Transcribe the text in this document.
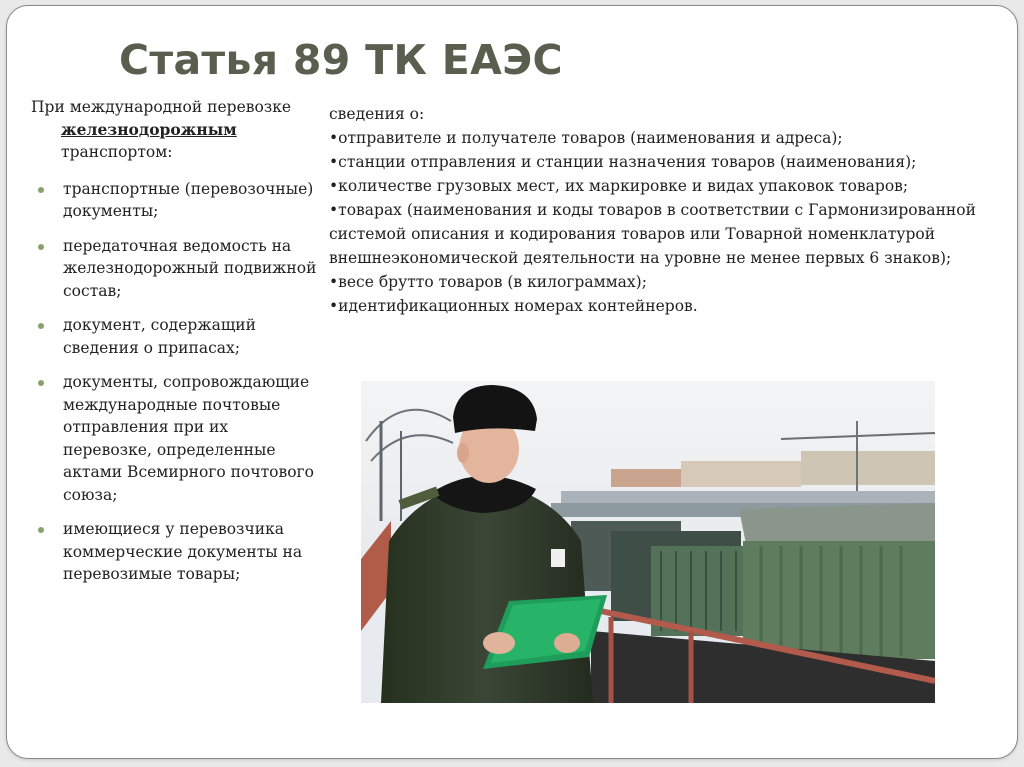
Статья 89 ТК ЕАЭС
При международной перевозке
железнодорожным
транспортом:
транспортные (перевозочные) документы;
передаточная ведомость на железнодорожный подвижной состав;
документ, содержащий сведения о припасах;
документы, сопровождающие международные почтовые отправления при их перевозке, определенные актами Всемирного почтового союза;
имеющиеся у перевозчика коммерческие документы на перевозимые товары;
сведения о:
•отправителе и получателе товаров (наименования и адреса);
•станции отправления и станции назначения товаров (наименования);
•количестве грузовых мест, их маркировке и видах упаковок товаров;
•товарах (наименования и коды товаров в соответствии с Гармонизированной системой описания и кодирования товаров или Товарной номенклатурой внешнеэкономической деятельности на уровне не менее первых 6 знаков);
•весе брутто товаров (в килограммах);
•идентификационных номерах контейнеров.
